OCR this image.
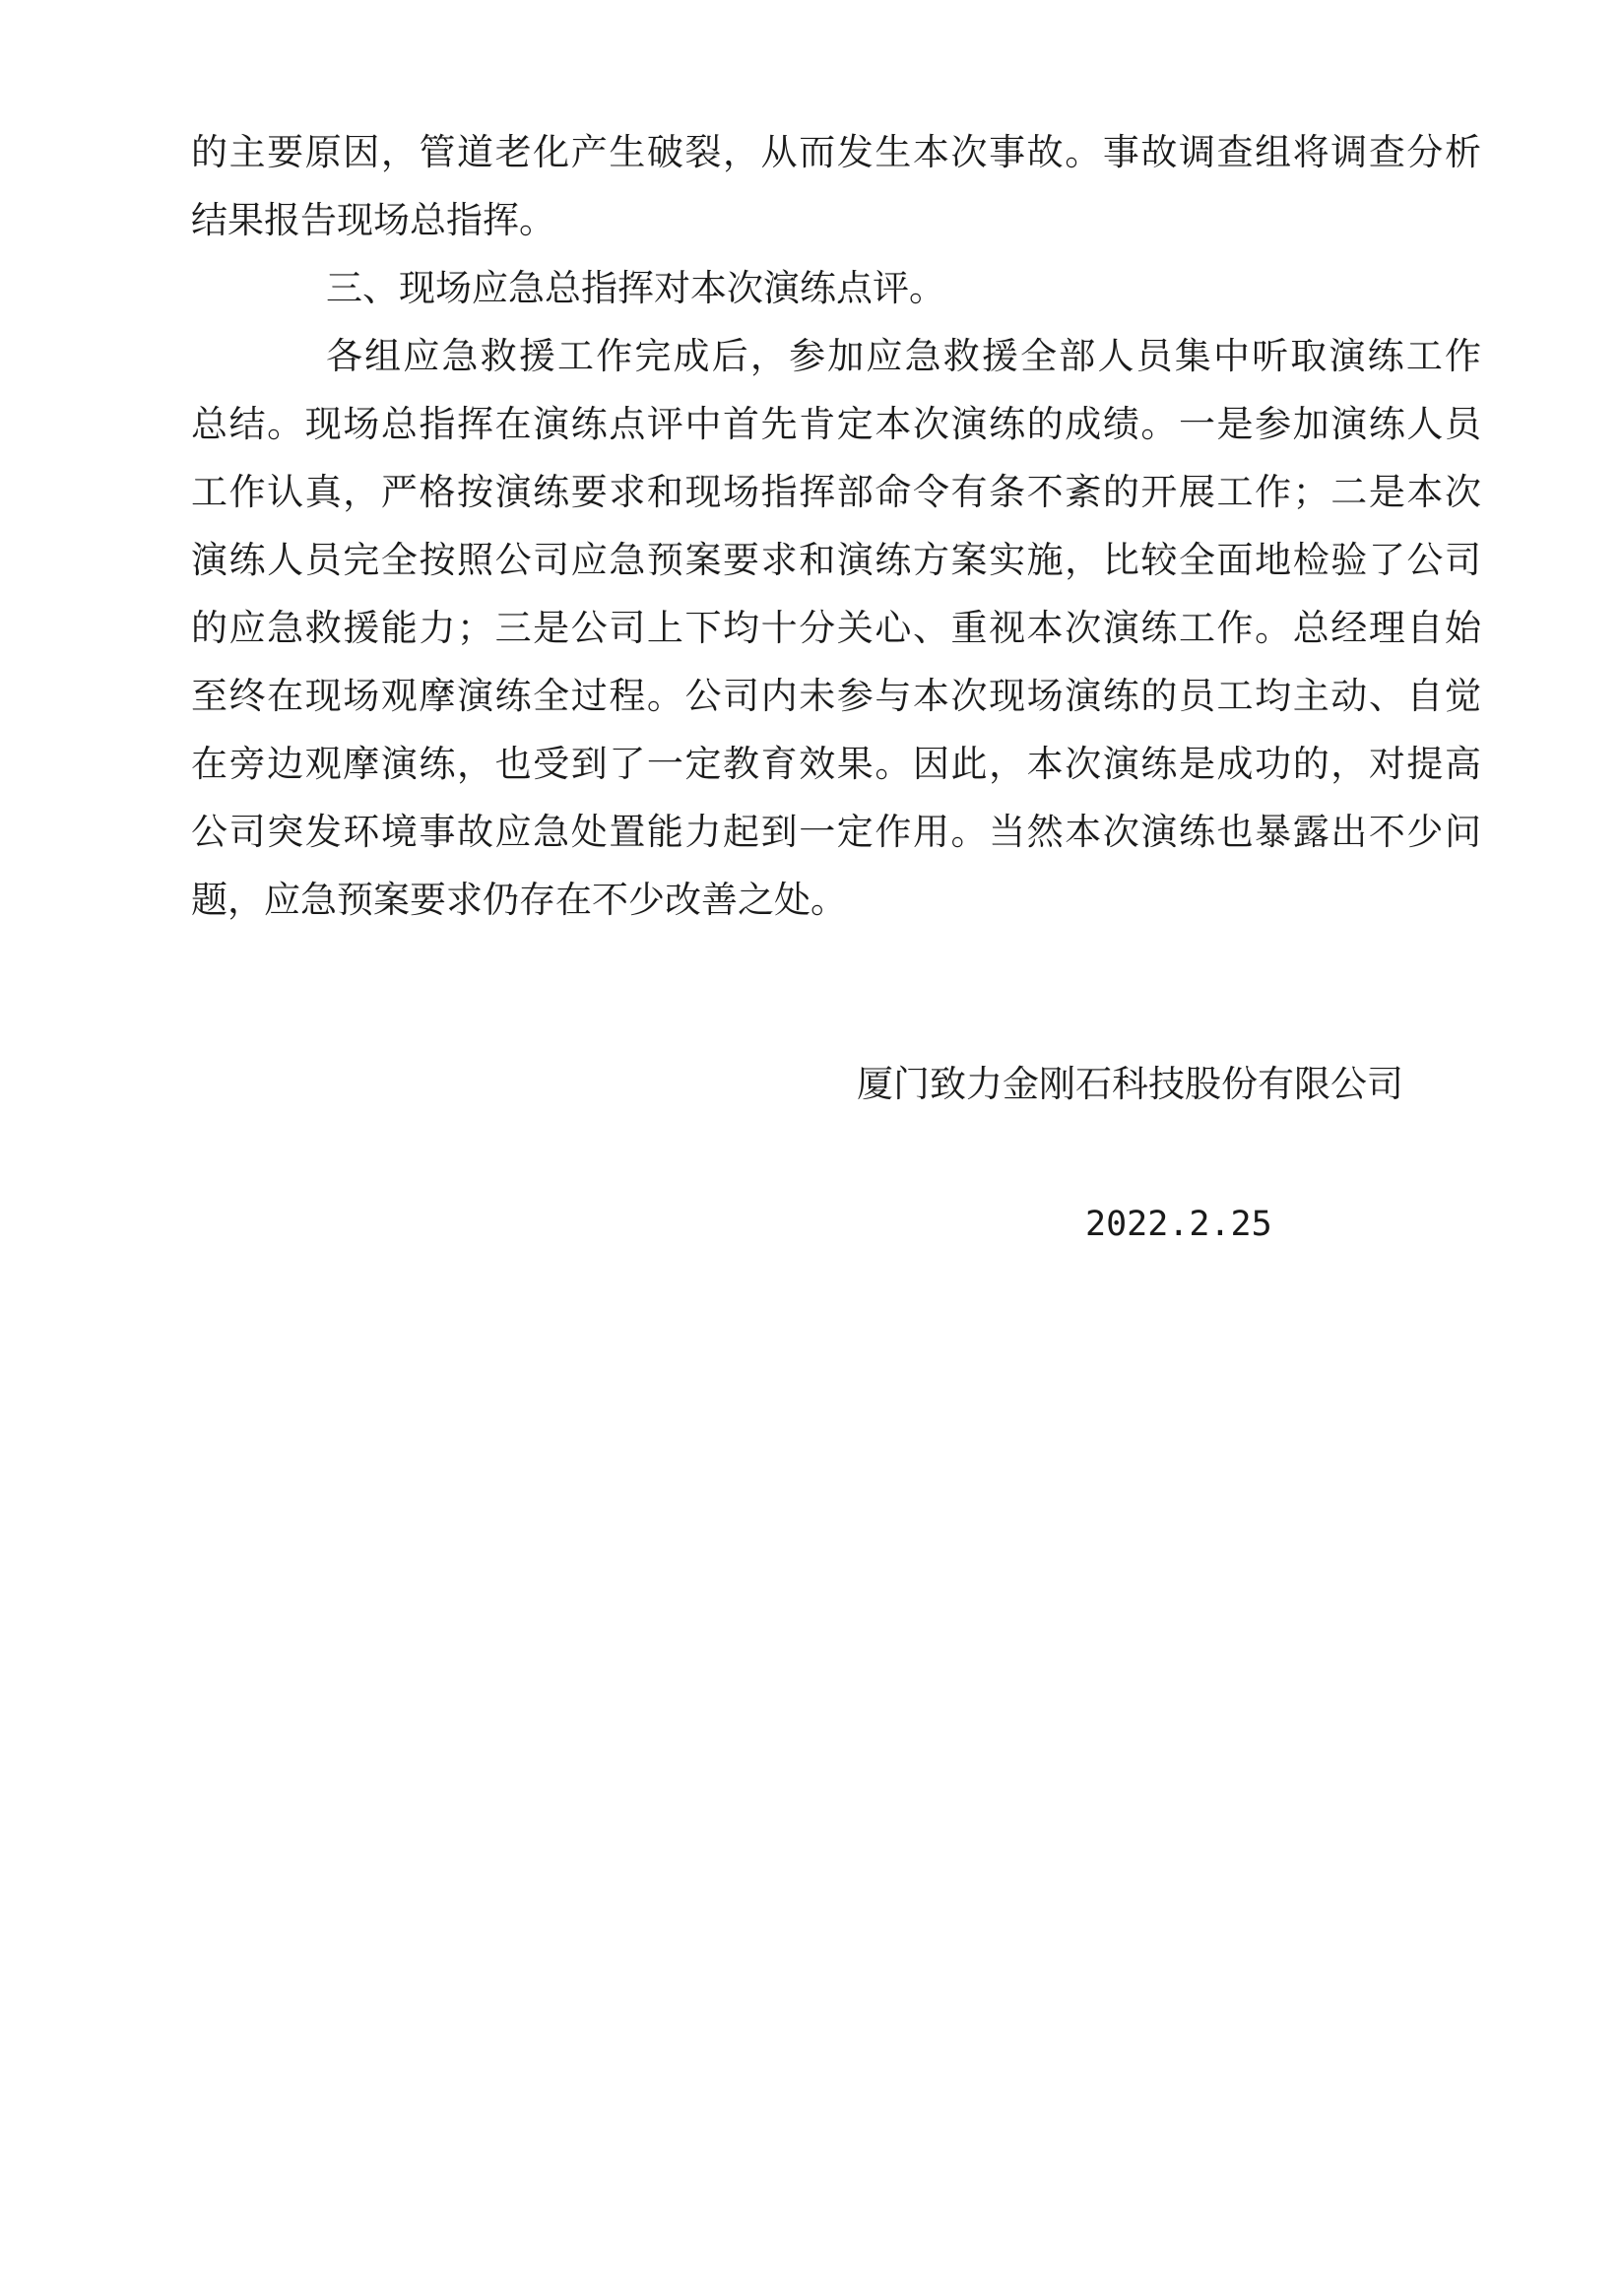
的主要原因，管道老化产生破裂，从而发生本次事故。事故调查组将调查分析
结果报告现场总指挥。
三、现场应急总指挥对本次演练点评。
各组应急救援工作完成后，参加应急救援全部人员集中听取演练工作
总结。现场总指挥在演练点评中首先肯定本次演练的成绩。一是参加演练人员
工作认真，严格按演练要求和现场指挥部命令有条不紊的开展工作；二是本次
演练人员完全按照公司应急预案要求和演练方案实施，比较全面地检验了公司
的应急救援能力；三是公司上下均十分关心、重视本次演练工作。总经理自始
至终在现场观摩演练全过程。公司内未参与本次现场演练的员工均主动、自觉
在旁边观摩演练，也受到了一定教育效果。因此，本次演练是成功的，对提高
公司突发环境事故应急处置能力起到一定作用。当然本次演练也暴露出不少问
题，应急预案要求仍存在不少改善之处。
厦门致力金刚石科技股份有限公司
2022.2.25
